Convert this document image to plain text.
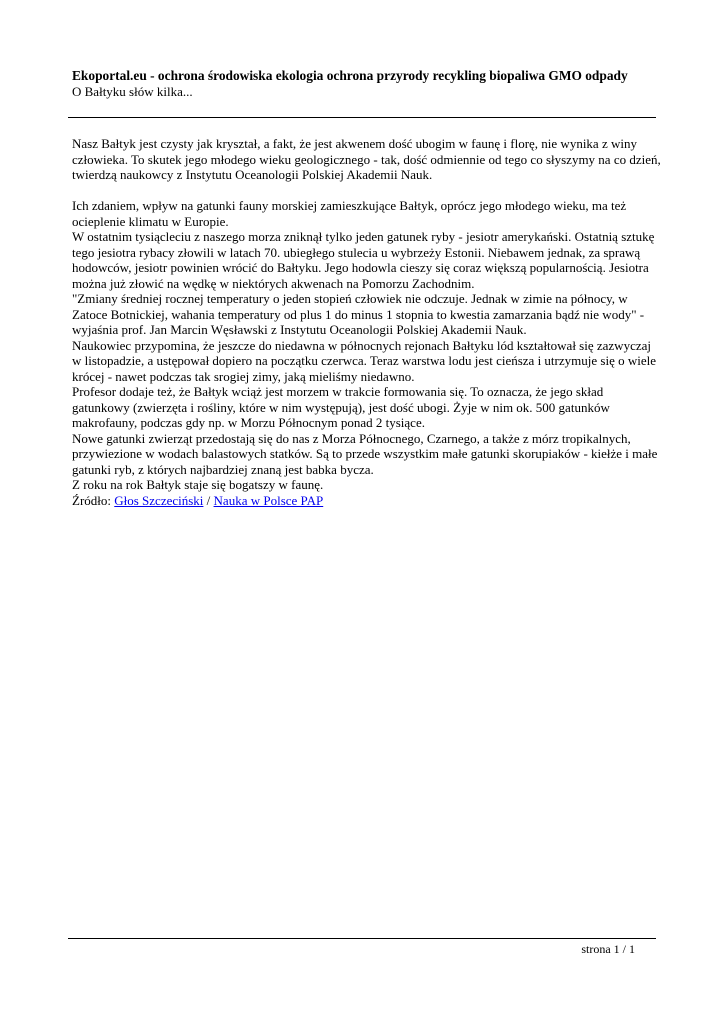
Ekoportal.eu - ochrona środowiska ekologia ochrona przyrody recykling biopaliwa GMO odpady
O Bałtyku słów kilka...

Nasz Bałtyk jest czysty jak kryształ, a fakt, że jest akwenem dość ubogim w faunę i florę, nie wynika z winy człowieka. To skutek jego młodego wieku geologicznego - tak, dość odmiennie od tego co słyszymy na co dzień, twierdzą naukowcy z Instytutu Oceanologii Polskiej Akademii Nauk.

Ich zdaniem, wpływ na gatunki fauny morskiej zamieszkujące Bałtyk, oprócz jego młodego wieku, ma też ocieplenie klimatu w Europie.

W ostatnim tysiącleciu z naszego morza zniknął tylko jeden gatunek ryby - jesiotr amerykański. Ostatnią sztukę tego jesiotra rybacy złowili w latach 70. ubiegłego stulecia u wybrzeży Estonii. Niebawem jednak, za sprawą hodowców, jesiotr powinien wrócić do Bałtyku. Jego hodowla cieszy się coraz większą popularnością. Jesiotra można już złowić na wędkę w niektórych akwenach na Pomorzu Zachodnim.

"Zmiany średniej rocznej temperatury o jeden stopień człowiek nie odczuje. Jednak w zimie na północy, w Zatoce Botnickiej, wahania temperatury od plus 1 do minus 1 stopnia to kwestia zamarzania bądź nie wody" - wyjaśnia prof. Jan Marcin Węsławski z Instytutu Oceanologii Polskiej Akademii Nauk.

Naukowiec przypomina, że jeszcze do niedawna w północnych rejonach Bałtyku lód kształtował się zazwyczaj w listopadzie, a ustępował dopiero na początku czerwca. Teraz warstwa lodu jest cieńsza i utrzymuje się o wiele krócej - nawet podczas tak srogiej zimy, jaką mieliśmy niedawno.

Profesor dodaje też, że Bałtyk wciąż jest morzem w trakcie formowania się. To oznacza, że jego skład gatunkowy (zwierzęta i rośliny, które w nim występują), jest dość ubogi. Żyje w nim ok. 500 gatunków makrofauny, podczas gdy np. w Morzu Północnym ponad 2 tysiące.

Nowe gatunki zwierząt przedostają się do nas z Morza Północnego, Czarnego, a także z mórz tropikalnych, przywiezione w wodach balastowych statków. Są to przede wszystkim małe gatunki skorupiaków - kiełże i małe gatunki ryb, z których najbardziej znaną jest babka bycza.

Z roku na rok Bałtyk staje się bogatszy w faunę.

Źródło: Głos Szczeciński / Nauka w Polsce PAP

strona 1 / 1
